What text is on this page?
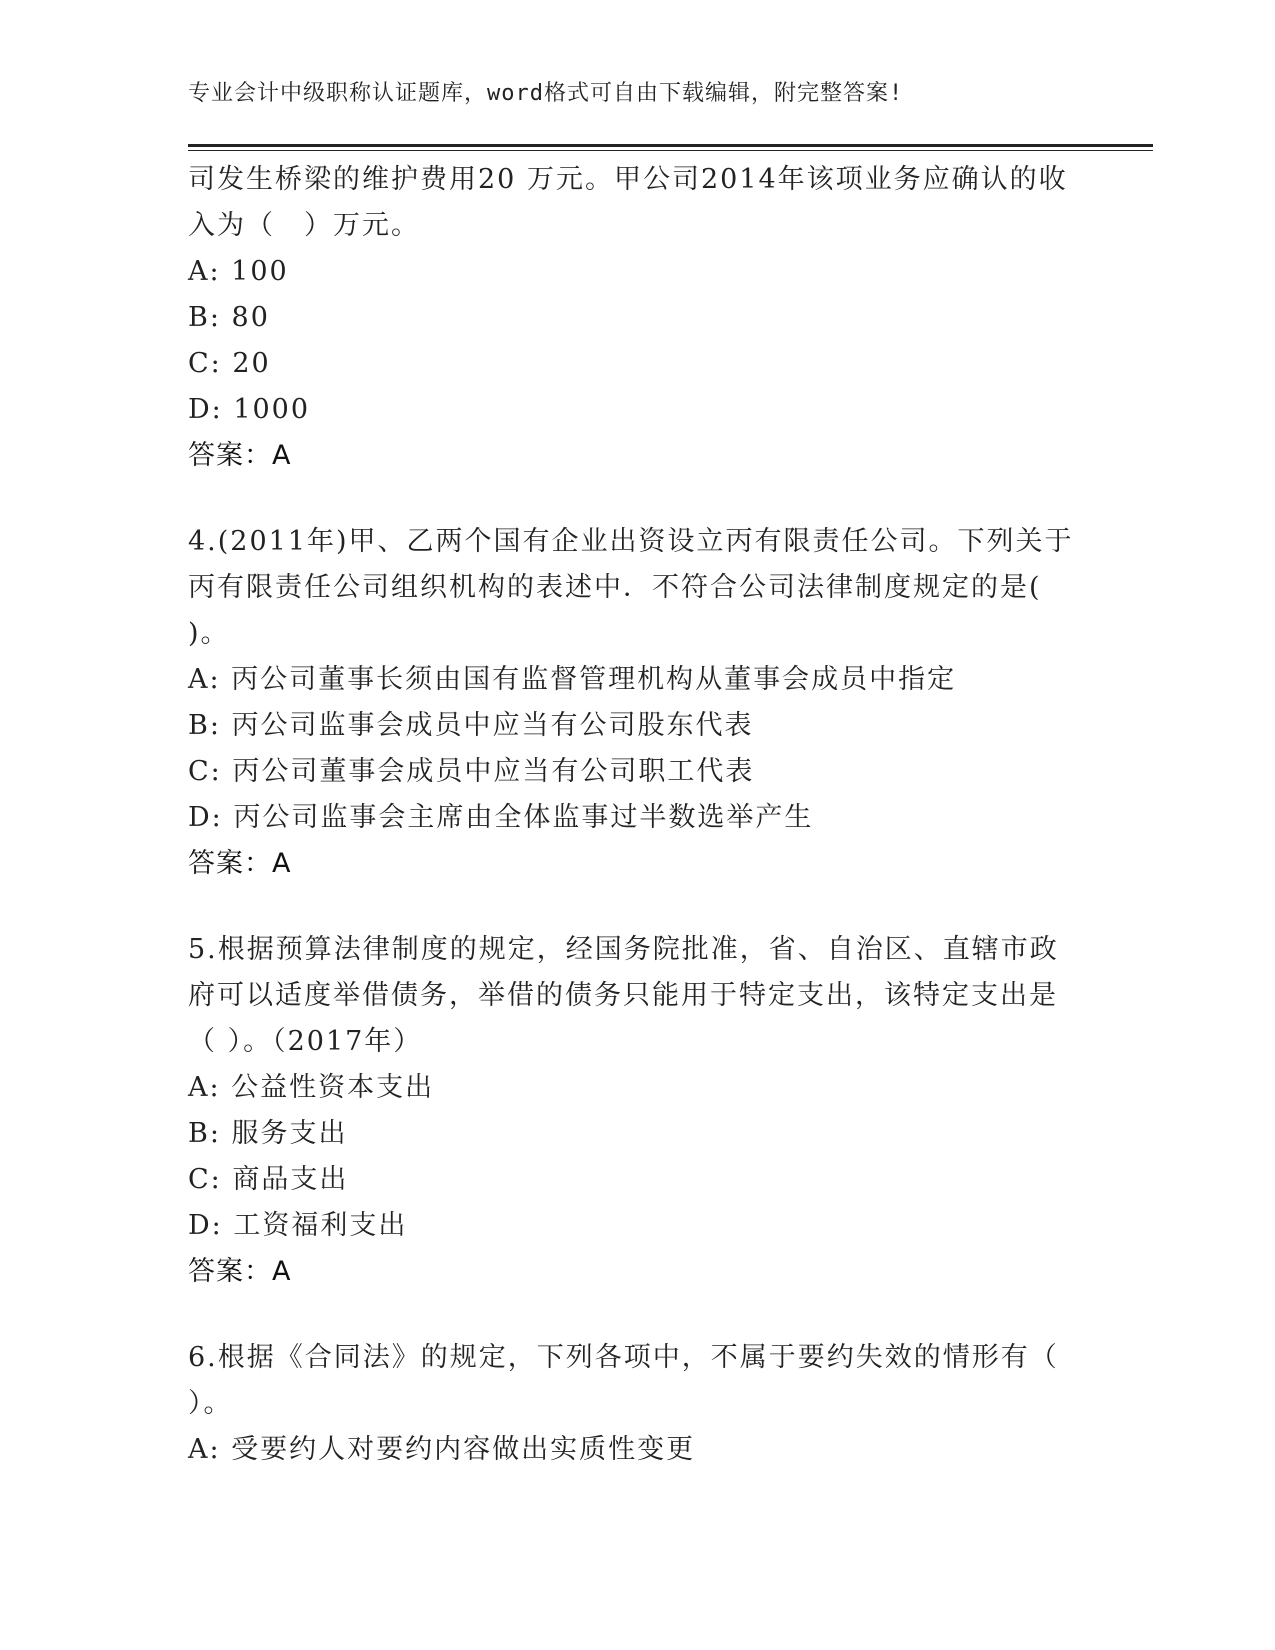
专业会计中级职称认证题库，word格式可自由下载编辑，附完整答案!
司发生桥梁的维护费用20 万元。甲公司2014年该项业务应确认的收
入为（　）万元。
A: 100
B: 80
C: 20
D: 1000
答案：A
4.(2011年)甲、乙两个国有企业出资设立丙有限责任公司。下列关于
丙有限责任公司组织机构的表述中．不符合公司法律制度规定的是(
)。
A: 丙公司董事长须由国有监督管理机构从董事会成员中指定
B: 丙公司监事会成员中应当有公司股东代表
C: 丙公司董事会成员中应当有公司职工代表
D: 丙公司监事会主席由全体监事过半数选举产生
答案：A
5.根据预算法律制度的规定，经国务院批准，省、自治区、直辖市政
府可以适度举借债务，举借的债务只能用于特定支出，该特定支出是
（ ）。（2017年）
A: 公益性资本支出
B: 服务支出
C: 商品支出
D: 工资福利支出
答案：A
6.根据《合同法》的规定，下列各项中，不属于要约失效的情形有（
）。
A: 受要约人对要约内容做出实质性变更
